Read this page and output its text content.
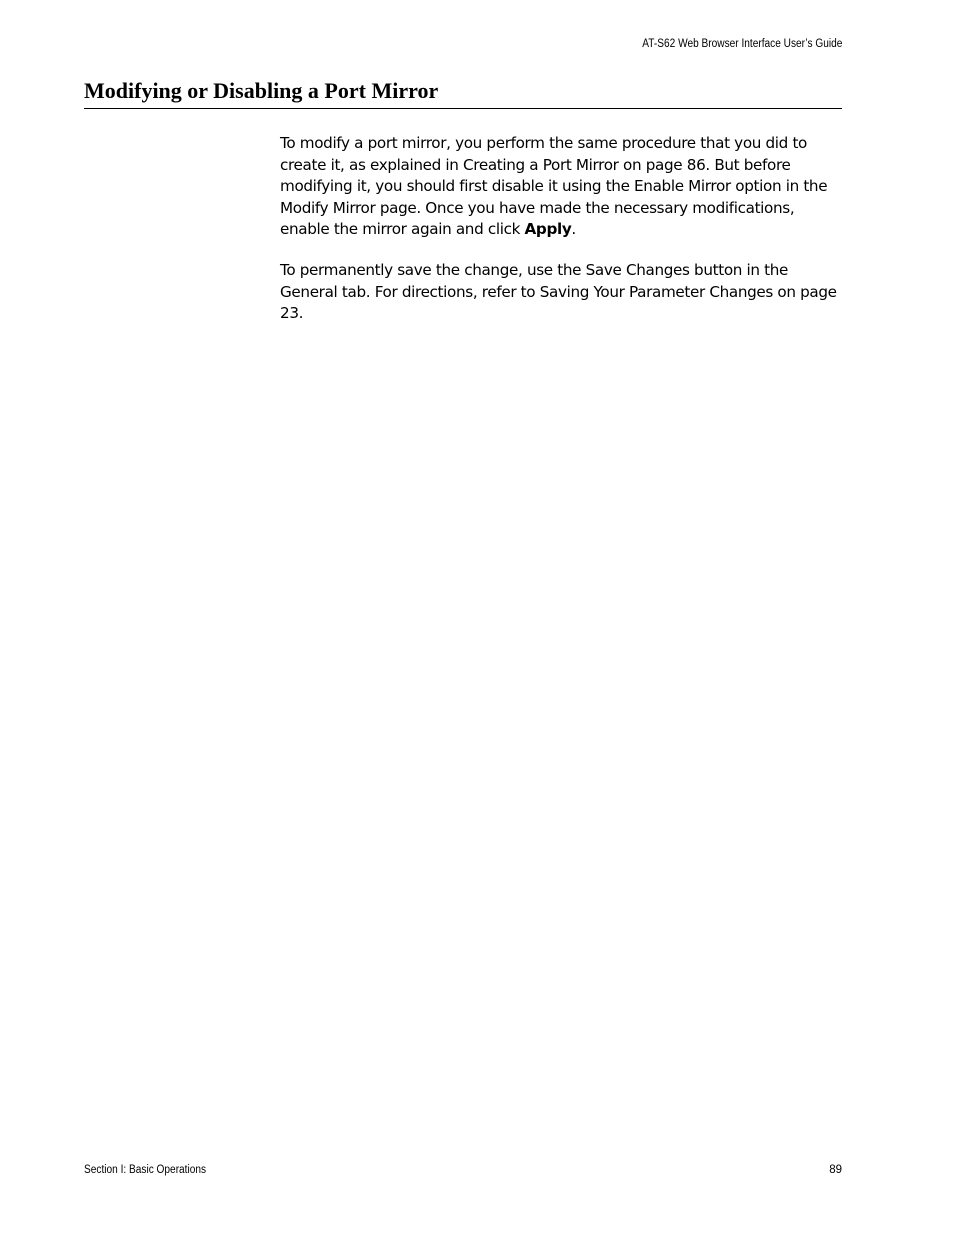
AT-S62 Web Browser Interface User’s Guide
Modifying or Disabling a Port Mirror

To modify a port mirror, you perform the same procedure that you did to create it, as explained in Creating a Port Mirror on page 86. But before modifying it, you should first disable it using the Enable Mirror option in the Modify Mirror page. Once you have made the necessary modifications, enable the mirror again and click Apply.

To permanently save the change, use the Save Changes button in the General tab. For directions, refer to Saving Your Parameter Changes on page 23.

Section I: Basic Operations	89
